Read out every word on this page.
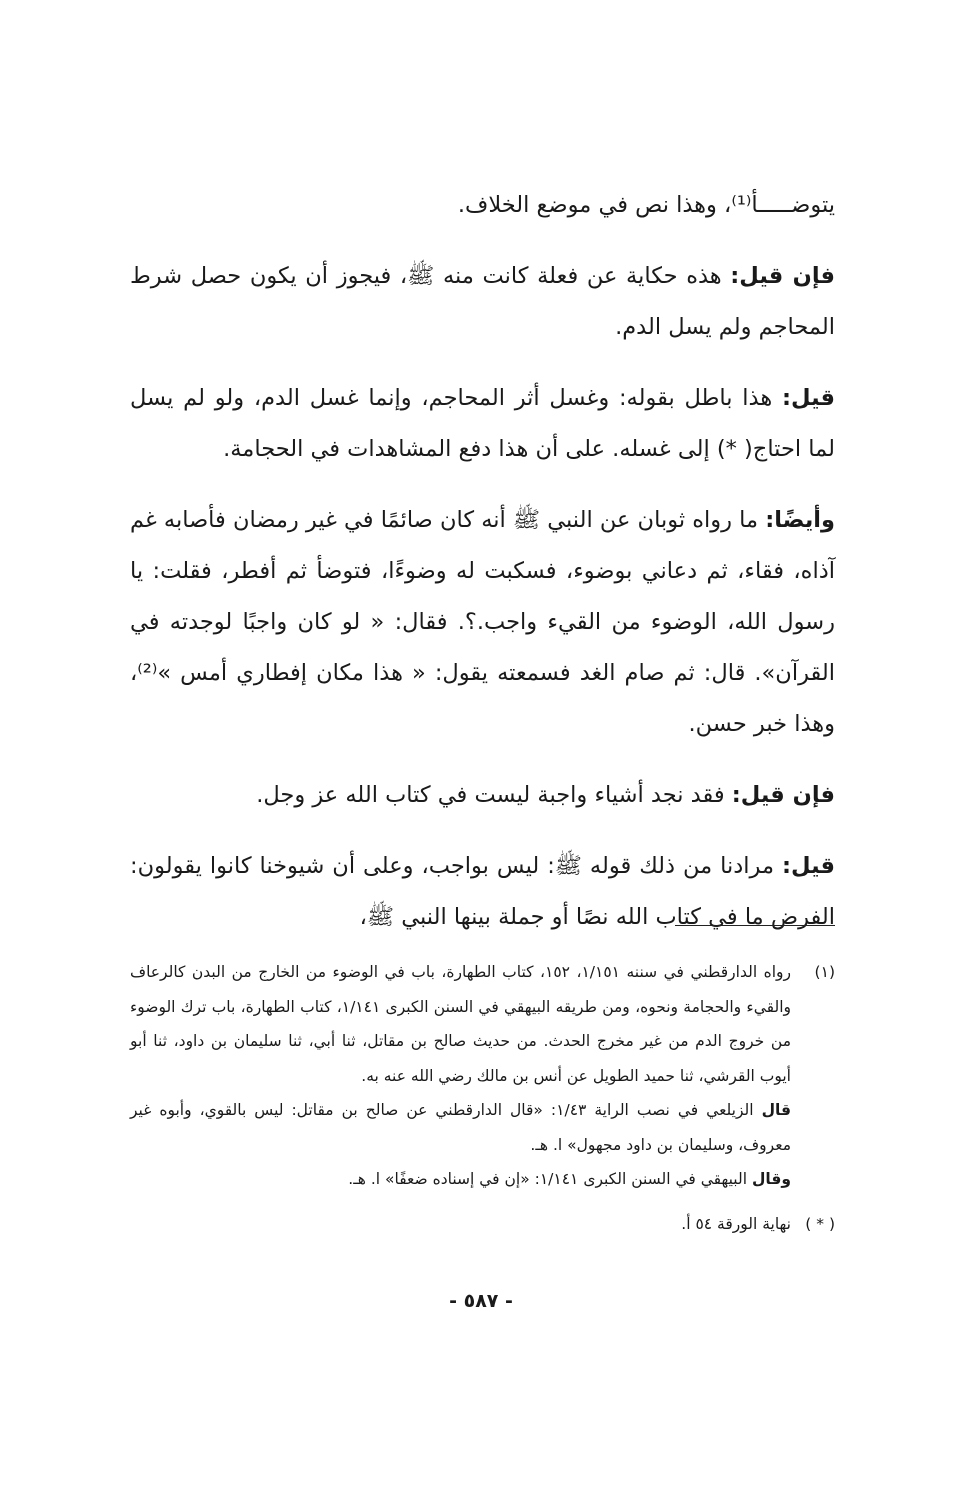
يتوضـــــأ⁽¹⁾، وهذا نص في موضع الخلاف.

فإن قيل: هذه حكاية عن فعلة كانت منه ﷺ، فيجوز أن يكون حصل شرط المحاجم ولم يسل الدم.

قيل: هذا باطل بقوله: وغسل أثر المحاجم، وإنما غسل الدم، ولو لم يسل لما احتاج( *) إلى غسله. على أن هذا دفع المشاهدات في الحجامة.

وأيضًا: ما رواه ثوبان عن النبي ﷺ أنه كان صائمًا في غير رمضان فأصابه غم آذاه، فقاء، ثم دعاني بوضوء، فسكبت له وضوءًا، فتوضأ ثم أفطر، فقلت: يا رسول الله، الوضوء من القيء واجب.؟. فقال: « لو كان واجبًا لوجدته في القرآن». قال: ثم صام الغد فسمعته يقول: « هذا مكان إفطاري أمس »⁽²⁾، وهذا خبر حسن.

فإن قيل: فقد نجد أشياء واجبة ليست في كتاب الله عز وجل.

قيل: مرادنا من ذلك قوله ﷺ: ليس بواجب، وعلى أن شيوخنا كانوا يقولون: الفرض ما في كتاب الله نصًا أو جملة بينها النبي ﷺ،

(١)

رواه الدارقطني في سننه ١/١٥١، ١٥٢، كتاب الطهارة، باب في الوضوء من الخارج من البدن كالرعاف والقيء والحجامة ونحوه، ومن طريقه البيهقي في السنن الكبرى ١/١٤١، كتاب الطهارة، باب ترك الوضوء من خروج الدم من غير مخرج الحدث. من حديث صالح بن مقاتل، ثنا أبي، ثنا سليمان بن داود، ثنا أبو أيوب القرشي، ثنا حميد الطويل عن أنس بن مالك رضي الله عنه به.

قال الزيلعي في نصب الراية ١/٤٣: «قال الدارقطني عن صالح بن مقاتل: ليس بالقوي، وأبوه غير معروف، وسليمان بن داود مجهول» ا. هـ.

وقال البيهقي في السنن الكبرى ١/١٤١: «إن في إسناده ضعفًا» ا. هـ.

( * )

نهاية الورقة ٥٤ أ.

- ٥٨٧ -
